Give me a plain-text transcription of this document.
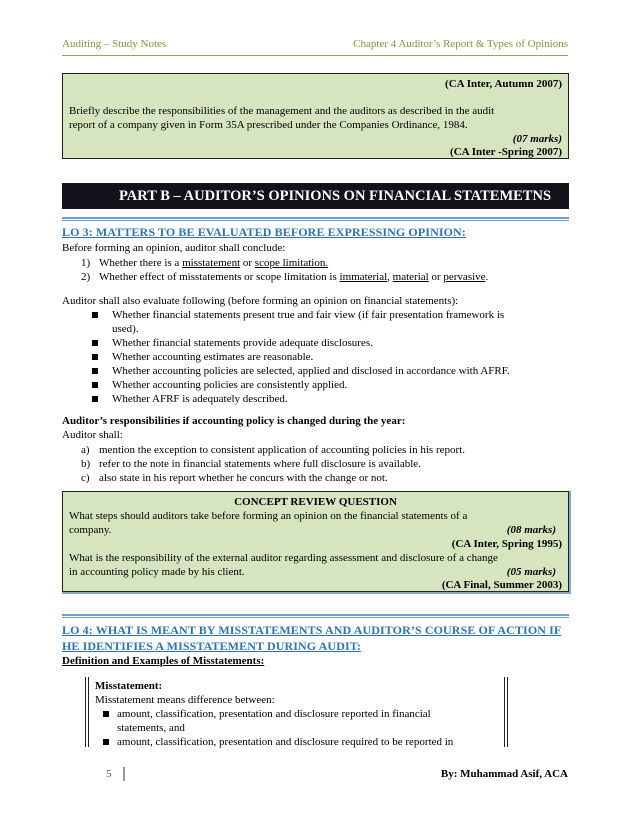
Auditing – Study Notes	Chapter 4 Auditor’s Report & Types of Opinions
(CA Inter, Autumn 2007)
Briefly describe the responsibilities of the management and the auditors as described in the audit
report of a company given in Form 35A prescribed under the Companies Ordinance, 1984.
(07 marks)
(CA Inter -Spring 2007)
PART B – AUDITOR’S OPINIONS ON FINANCIAL STATEMETNS
LO 3: MATTERS TO BE EVALUATED BEFORE EXPRESSING OPINION:
Before forming an opinion, auditor shall conclude:
1) Whether there is a misstatement or scope limitation.
2) Whether effect of misstatements or scope limitation is immaterial, material or pervasive.
Auditor shall also evaluate following (before forming an opinion on financial statements):
Whether financial statements present true and fair view (if fair presentation framework is
used).
Whether financial statements provide adequate disclosures.
Whether accounting estimates are reasonable.
Whether accounting policies are selected, applied and disclosed in accordance with AFRF.
Whether accounting policies are consistently applied.
Whether AFRF is adequately described.
Auditor’s responsibilities if accounting policy is changed during the year:
Auditor shall:
a) mention the exception to consistent application of accounting policies in his report.
b) refer to the note in financial statements where full disclosure is available.
c) also state in his report whether he concurs with the change or not.
CONCEPT REVIEW QUESTION
What steps should auditors take before forming an opinion on the financial statements of a
company.	(08 marks)
(CA Inter, Spring 1995)
What is the responsibility of the external auditor regarding assessment and disclosure of a change
in accounting policy made by his client.	(05 marks)
(CA Final, Summer 2003)
LO 4: WHAT IS MEANT BY MISSTATEMENTS AND AUDITOR’S COURSE OF ACTION IF
HE IDENTIFIES A MISSTATEMENT DURING AUDIT:
Definition and Examples of Misstatements:
Misstatement:
Misstatement means difference between:
amount, classification, presentation and disclosure reported in financial
statements, and
amount, classification, presentation and disclosure required to be reported in
5	By: Muhammad Asif, ACA
